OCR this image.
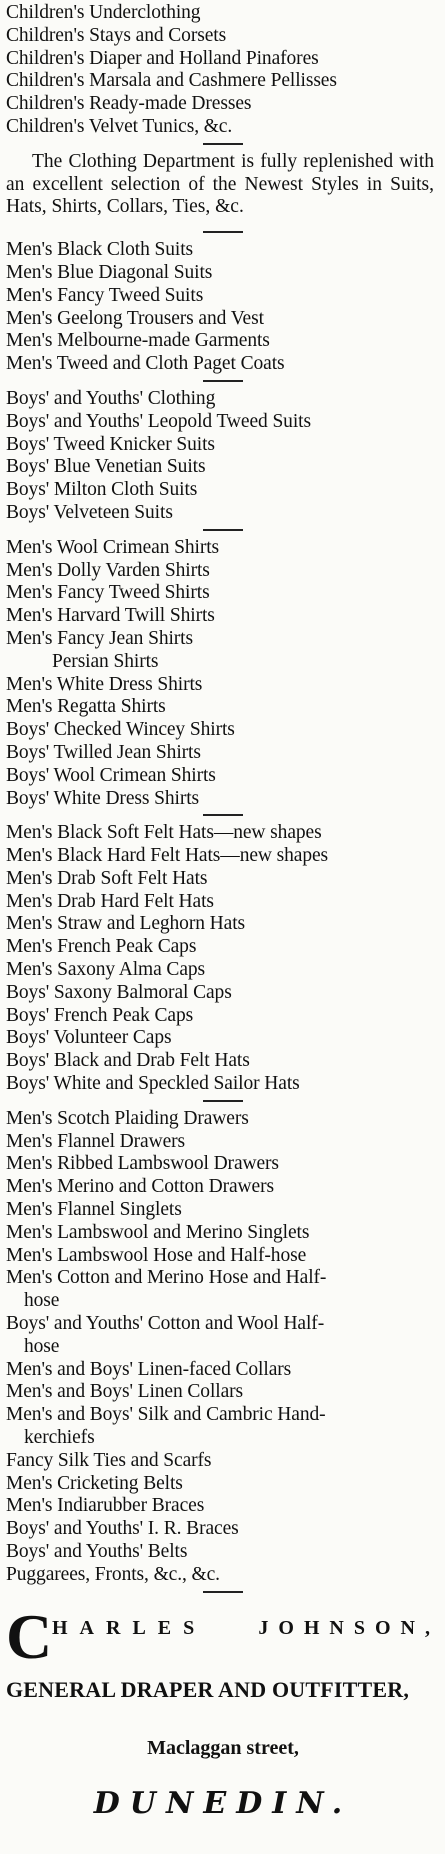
Children's Underclothing
Children's Stays and Corsets
Children's Diaper and Holland Pinafores
Children's Marsala and Cashmere Pellisses
Children's Ready-made Dresses
Children's Velvet Tunics, &c.
The Clothing Department is fully replenished with an excellent selection of the Newest Styles in Suits, Hats, Shirts, Collars, Ties, &c.
Men's Black Cloth Suits
Men's Blue Diagonal Suits
Men's Fancy Tweed Suits
Men's Geelong Trousers and Vest
Men's Melbourne-made Garments
Men's Tweed and Cloth Paget Coats
Boys' and Youths' Clothing
Boys' and Youths' Leopold Tweed Suits
Boys' Tweed Knicker Suits
Boys' Blue Venetian Suits
Boys' Milton Cloth Suits
Boys' Velveteen Suits
Men's Wool Crimean Shirts
Men's Dolly Varden Shirts
Men's Fancy Tweed Shirts
Men's Harvard Twill Shirts
Men's Fancy Jean Shirts
Persian Shirts
Men's White Dress Shirts
Men's Regatta Shirts
Boys' Checked Wincey Shirts
Boys' Twilled Jean Shirts
Boys' Wool Crimean Shirts
Boys' White Dress Shirts
Men's Black Soft Felt Hats—new shapes
Men's Black Hard Felt Hats—new shapes
Men's Drab Soft Felt Hats
Men's Drab Hard Felt Hats
Men's Straw and Leghorn Hats
Men's French Peak Caps
Men's Saxony Alma Caps
Boys' Saxony Balmoral Caps
Boys' French Peak Caps
Boys' Volunteer Caps
Boys' Black and Drab Felt Hats
Boys' White and Speckled Sailor Hats
Men's Scotch Plaiding Drawers
Men's Flannel Drawers
Men's Ribbed Lambswool Drawers
Men's Merino and Cotton Drawers
Men's Flannel Singlets
Men's Lambswool and Merino Singlets
Men's Lambswool Hose and Half-hose
Men's Cotton and Merino Hose and Half-
hose
Boys' and Youths' Cotton and Wool Half-
hose
Men's and Boys' Linen-faced Collars
Men's and Boys' Linen Collars
Men's and Boys' Silk and Cambric Hand-
kerchiefs
Fancy Silk Ties and Scarfs
Men's Cricketing Belts
Men's Indiarubber Braces
Boys' and Youths' I. R. Braces
Boys' and Youths' Belts
Puggarees, Fronts, &c., &c.
C HARLES	JOHNSON,
GENERAL DRAPER AND OUTFITTER,
Maclaggan street,
DUNEDIN.
